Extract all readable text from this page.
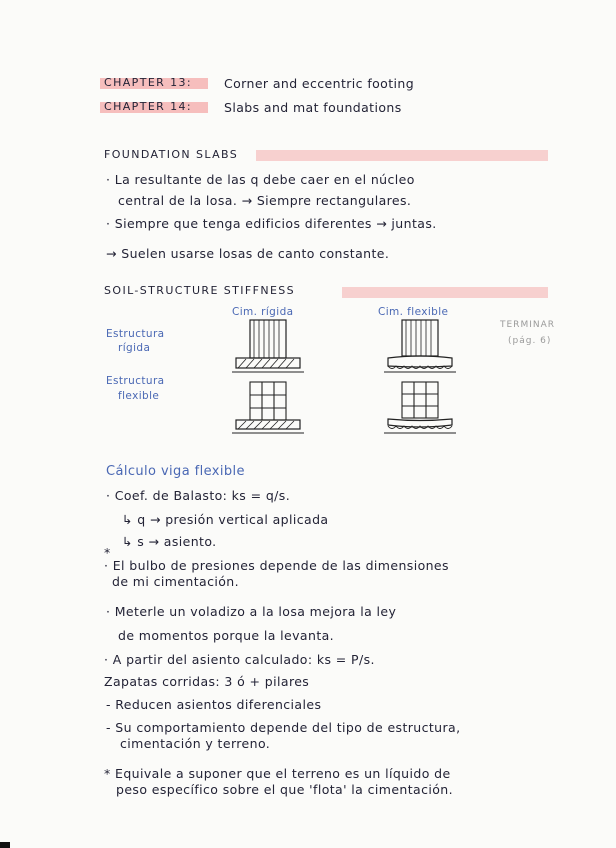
CHAPTER 13:	Corner and eccentric footing
CHAPTER 14:	Slabs and mat foundations
FOUNDATION SLABS
· La resultante de las q debe caer en el núcleo
central de la losa. → Siempre rectangulares.
· Siempre que tenga edificios diferentes → juntas.
→ Suelen usarse losas de canto constante.
SOIL-STRUCTURE STIFFNESS
Cim. rígida	Cim. flexible
Estructura
rígida
Estructura
flexible
TERMINAR
(pág. 6)
Cálculo viga flexible
· Coef. de Balasto: ks = q/s.
↳ q → presión vertical aplicada
↳ s → asiento.
*
· El bulbo de presiones depende de las dimensiones
de mi cimentación.
· Meterle un voladizo a la losa mejora la ley
de momentos porque la levanta.
· A partir del asiento calculado: ks = P/s.
Zapatas corridas: 3 ó + pilares
- Reducen asientos diferenciales
- Su comportamiento depende del tipo de estructura,
cimentación y terreno.
* Equivale a suponer que el terreno es un líquido de
peso específico sobre el que 'flota' la cimentación.
